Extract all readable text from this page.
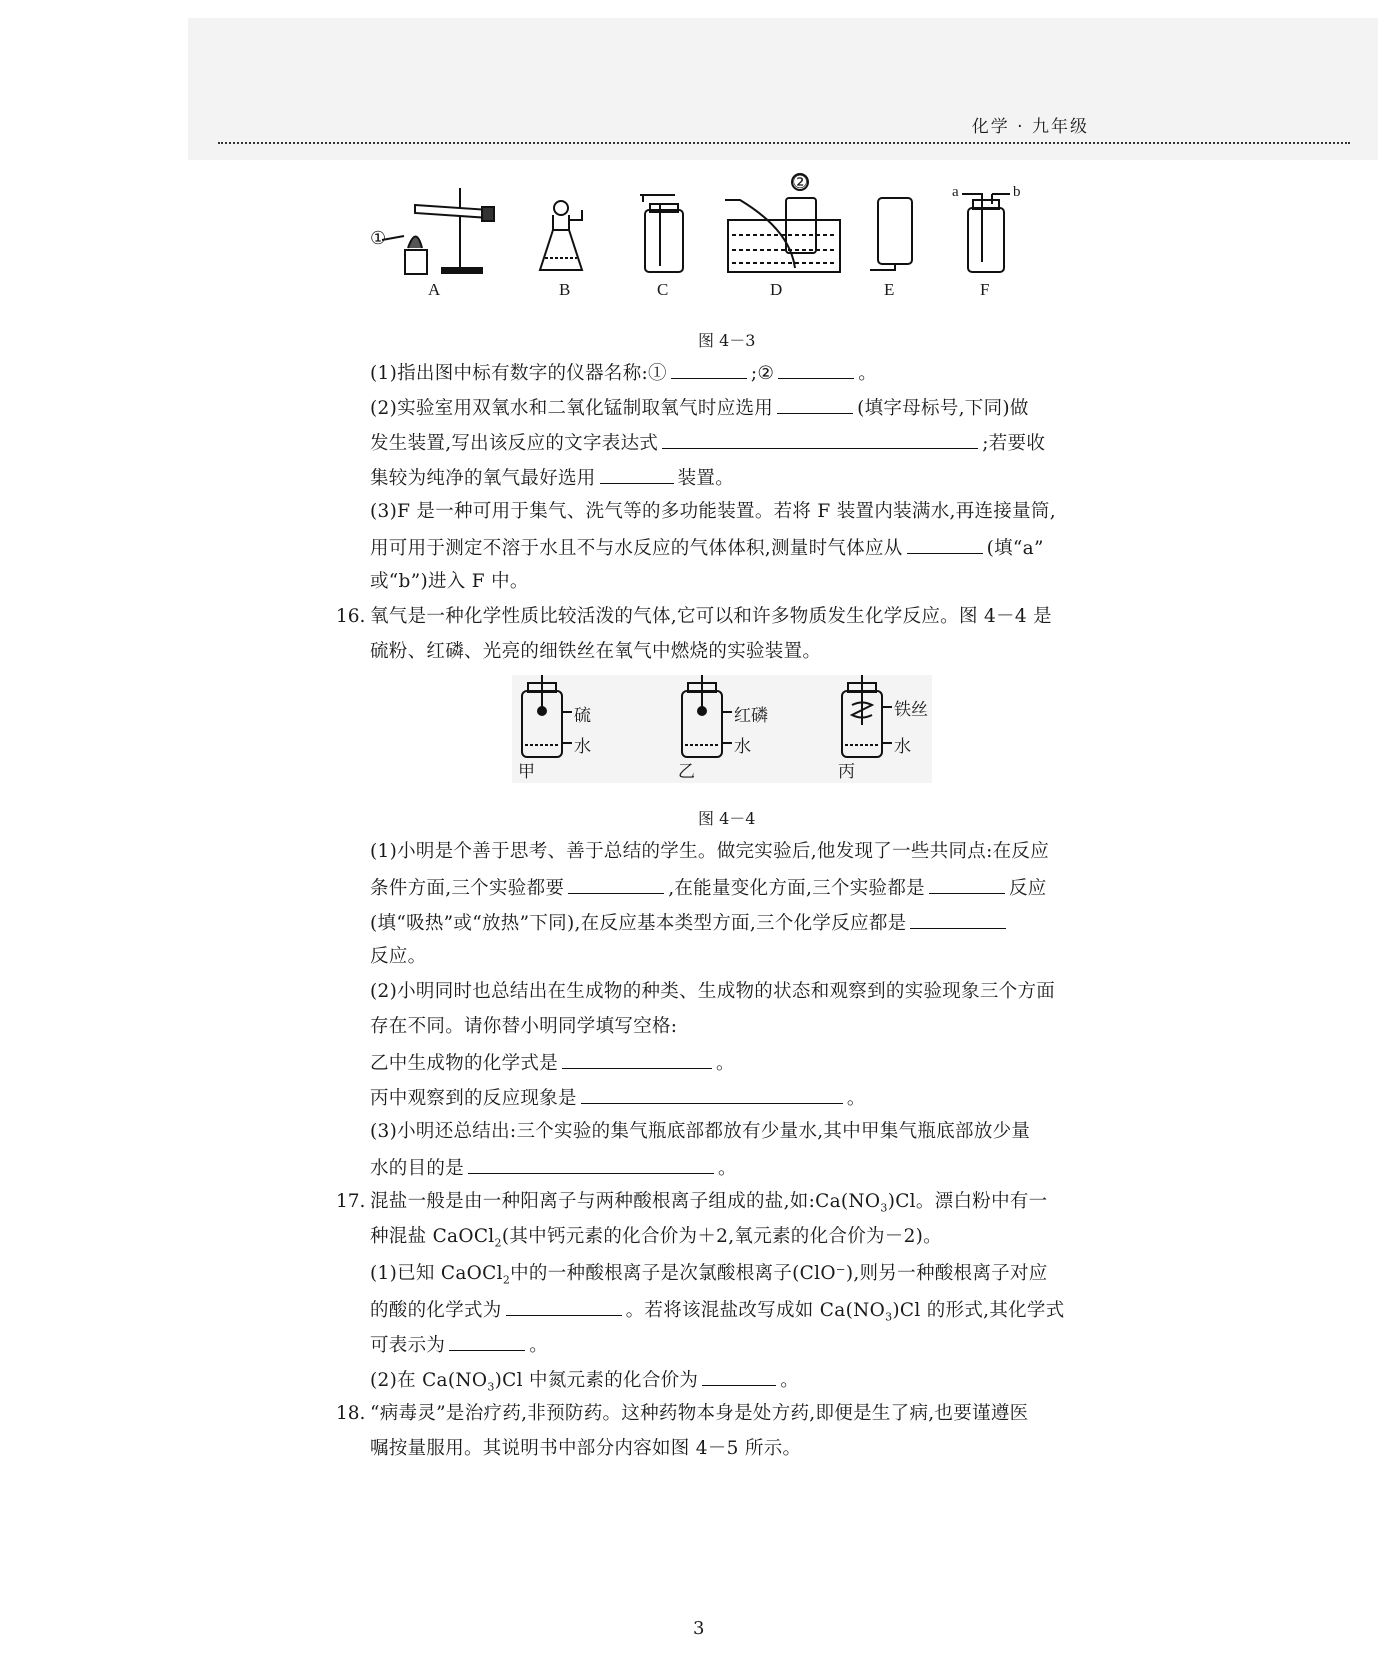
化学 · 九年级
①
②	a	b
A	B	C	D	E	F
图 4－3
(1)指出图中标有数字的仪器名称:①	;②	。
(2)实验室用双氧水和二氧化锰制取氧气时应选用	(填字母标号,下同)做
发生装置,写出该反应的文字表达式	;若要收
集较为纯净的氧气最好选用	装置。
(3)F 是一种可用于集气、洗气等的多功能装置。若将 F 装置内装满水,再连接量筒,
用可用于测定不溶于水且不与水反应的气体体积,测量时气体应从	(填“a”
或“b”)进入 F 中。
16. 氧气是一种化学性质比较活泼的气体,它可以和许多物质发生化学反应。图 4－4 是
硫粉、红磷、光亮的细铁丝在氧气中燃烧的实验装置。
硫
水
甲
红磷
水
乙
铁丝
水
丙
图 4－4
(1)小明是个善于思考、善于总结的学生。做完实验后,他发现了一些共同点:在反应
条件方面,三个实验都要	,在能量变化方面,三个实验都是	反应
(填“吸热”或“放热”下同),在反应基本类型方面,三个化学反应都是
反应。
(2)小明同时也总结出在生成物的种类、生成物的状态和观察到的实验现象三个方面
存在不同。请你替小明同学填写空格:
乙中生成物的化学式是	。
丙中观察到的反应现象是	。
(3)小明还总结出:三个实验的集气瓶底部都放有少量水,其中甲集气瓶底部放少量
水的目的是	。
17. 混盐一般是由一种阳离子与两种酸根离子组成的盐,如$:Ca(NO_3)Cl$。漂白粉中有一
种混盐 CaOCl$_2$(其中钙元素的化合价为＋2,氧元素的化合价为－2)。
(1)已知 CaOCl$_2$中的一种酸根离子是次氯酸根离子(ClO⁻),则另一种酸根离子对应
的酸的化学式为	。若将该混盐改写成如 $Ca(NO_3)Cl$ 的形式,其化学式
可表示为	。
(2)在 $Ca(NO_3)Cl$ 中氮元素的化合价为	。
18. “病毒灵”是治疗药,非预防药。这种药物本身是处方药,即便是生了病,也要谨遵医
嘱按量服用。其说明书中部分内容如图 4－5 所示。
3
